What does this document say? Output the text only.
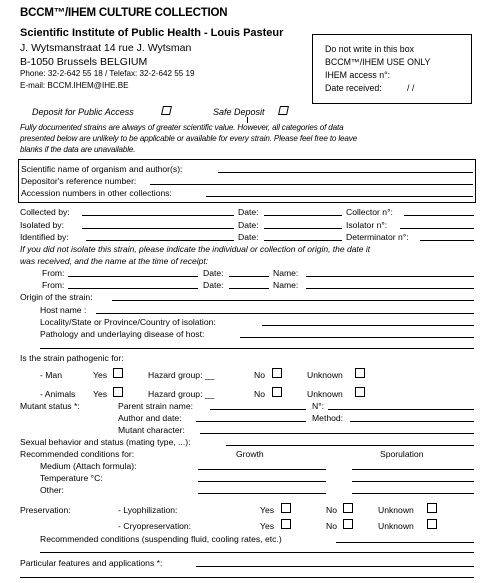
BCCM™/IHEM CULTURE COLLECTION
Scientific Institute of Public Health - Louis Pasteur
J. Wytsmanstraat 14 rue J. Wytsman
B-1050 Brussels BELGIUM
Phone: 32-2-642 55 18 / Telefax: 32-2-642 55 19
E-mail: BCCM.IHEM@IHE.BE
Do not write in this box
BCCM™/IHEM USE ONLY
IHEM access n°:
Date received:	/ /
Deposit for Public Access	Safe Deposit
Fully documented strains are always of greater scientific value. However, all categories of data
presented below are unlikely to be applicable or available for every strain. Please feel free to leave
blanks if the data are unavailable.
Scientific name of organism and author(s):
Depositor's reference number:
Accession numbers in other collections:
Collected by:	Date:	Collector n°:
Isolated by:	Date:	Isolator n°:
Identified by:	Date:	Determinator n°:
If you did not isolate this strain, please indicate the individual or collection of origin, the date it
was received, and the name at the time of receipt:
From:	Date:	Name:
From:	Date:	Name:
Origin of the strain:
Host name :
Locality/State or Province/Country of isolation:
Pathology and underlaying disease of host:
Is the strain pathogenic for:
- Man	Yes	Hazard group: __	No	Unknown
- Animals Yes	Hazard group: __	No	Unknown
Mutant status *:	Parent strain name:	N°:
Author and date:	Method:
Mutant character:
Sexual behavior and status (mating type, ...):
Recommended conditions for:	Growth	Sporulation
Medium (Attach formula):
Temperature °C:
Other:
Preservation:	- Lyophilization:	Yes	No	Unknown
- Cryopreservation:	Yes	No	Unknown
Recommended conditions (suspending fluid, cooling rates, etc.)
Particular features and applications *:
